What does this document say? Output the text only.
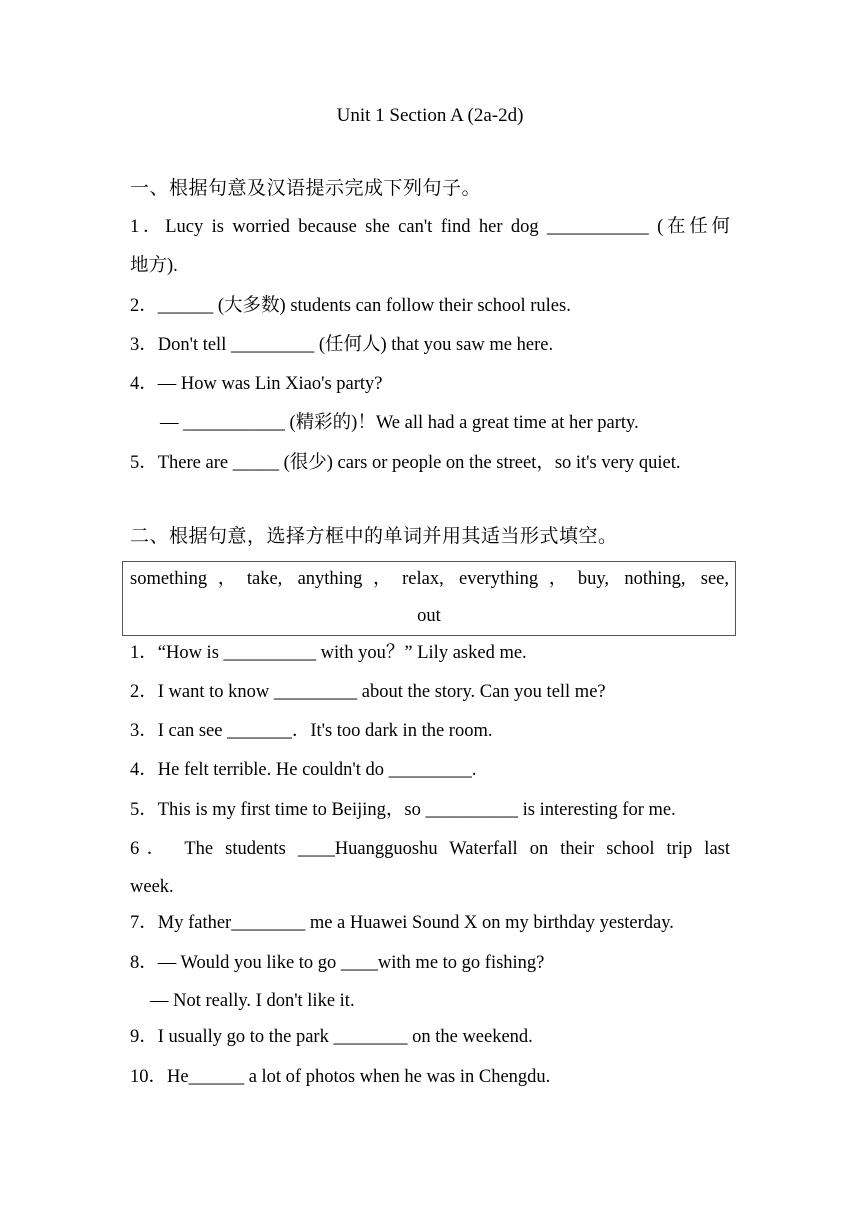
Unit 1 Section A (2a-2d)
一、根据句意及汉语提示完成下列句子。
1．Lucy is worried because she can't find her dog ___________ (在任何
地方).
2．______ (大多数) students can follow their school rules.
3．Don't tell _________ (任何人) that you saw me here.
4．— How was Lin Xiao's party?
— ___________ (精彩的)！We all had a great time at her party.
5．There are _____ (很少) cars or people on the street，so it's very quiet.
二、根据句意，选择方框中的单词并用其适当形式填空。
something，take, anything，relax, everything，buy, nothing, see,
out
1．“How is __________ with you？” Lily asked me.
2．I want to know _________ about the story. Can you tell me?
3．I can see _______．It's too dark in the room.
4．He felt terrible. He couldn't do _________.
5．This is my first time to Beijing，so __________ is interesting for me.
6． The students ____Huangguoshu Waterfall on their school trip last
week.
7．My father________ me a Huawei Sound X on my birthday yesterday.
8．— Would you like to go ____with me to go fishing?
— Not really. I don't like it.
9．I usually go to the park ________ on the weekend.
10．He______ a lot of photos when he was in Chengdu.
